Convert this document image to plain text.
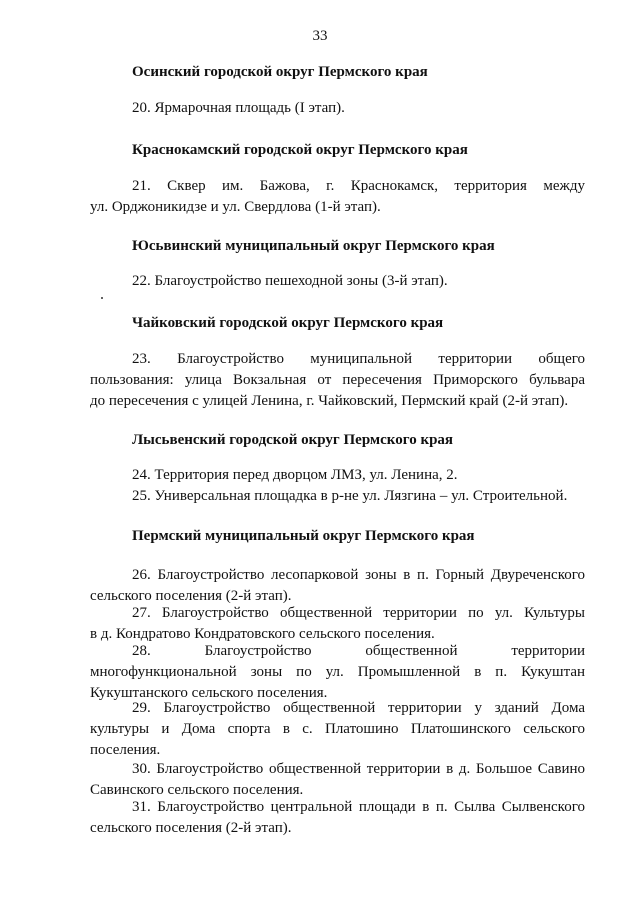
33
Осинский городской округ Пермского края
20. Ярмарочная площадь (I этап).
Краснокамский городской округ Пермского края
21. Сквер им. Бажова, г. Краснокамск, территория между
ул. Орджоникидзе и ул. Свердлова (1-й этап).
Юсьвинский муниципальный округ Пермского края
22. Благоустройство пешеходной зоны (3-й этап).
Чайковский городской округ Пермского края
23. Благоустройство муниципальной территории общего
пользования: улица Вокзальная от пересечения Приморского бульвара
до пересечения с улицей Ленина, г. Чайковский, Пермский край (2-й этап).
Лысьвенский городской округ Пермского края
24. Территория перед дворцом ЛМЗ, ул. Ленина, 2.
25. Универсальная площадка в р-не ул. Лязгина – ул. Строительной.
Пермский муниципальный округ Пермского края
26. Благоустройство лесопарковой зоны в п. Горный Двуреченского
сельского поселения (2-й этап).
27. Благоустройство общественной территории по ул. Культуры
в д. Кондратово Кондратовского сельского поселения.
28. Благоустройство общественной территории
многофункциональной зоны по ул. Промышленной в п. Кукуштан
Кукуштанского сельского поселения.
29. Благоустройство общественной территории у зданий Дома
культуры и Дома спорта в с. Платошино Платошинского сельского
поселения.
30. Благоустройство общественной территории в д. Большое Савино
Савинского сельского поселения.
31. Благоустройство центральной площади в п. Сылва Сылвенского
сельского поселения (2-й этап).
